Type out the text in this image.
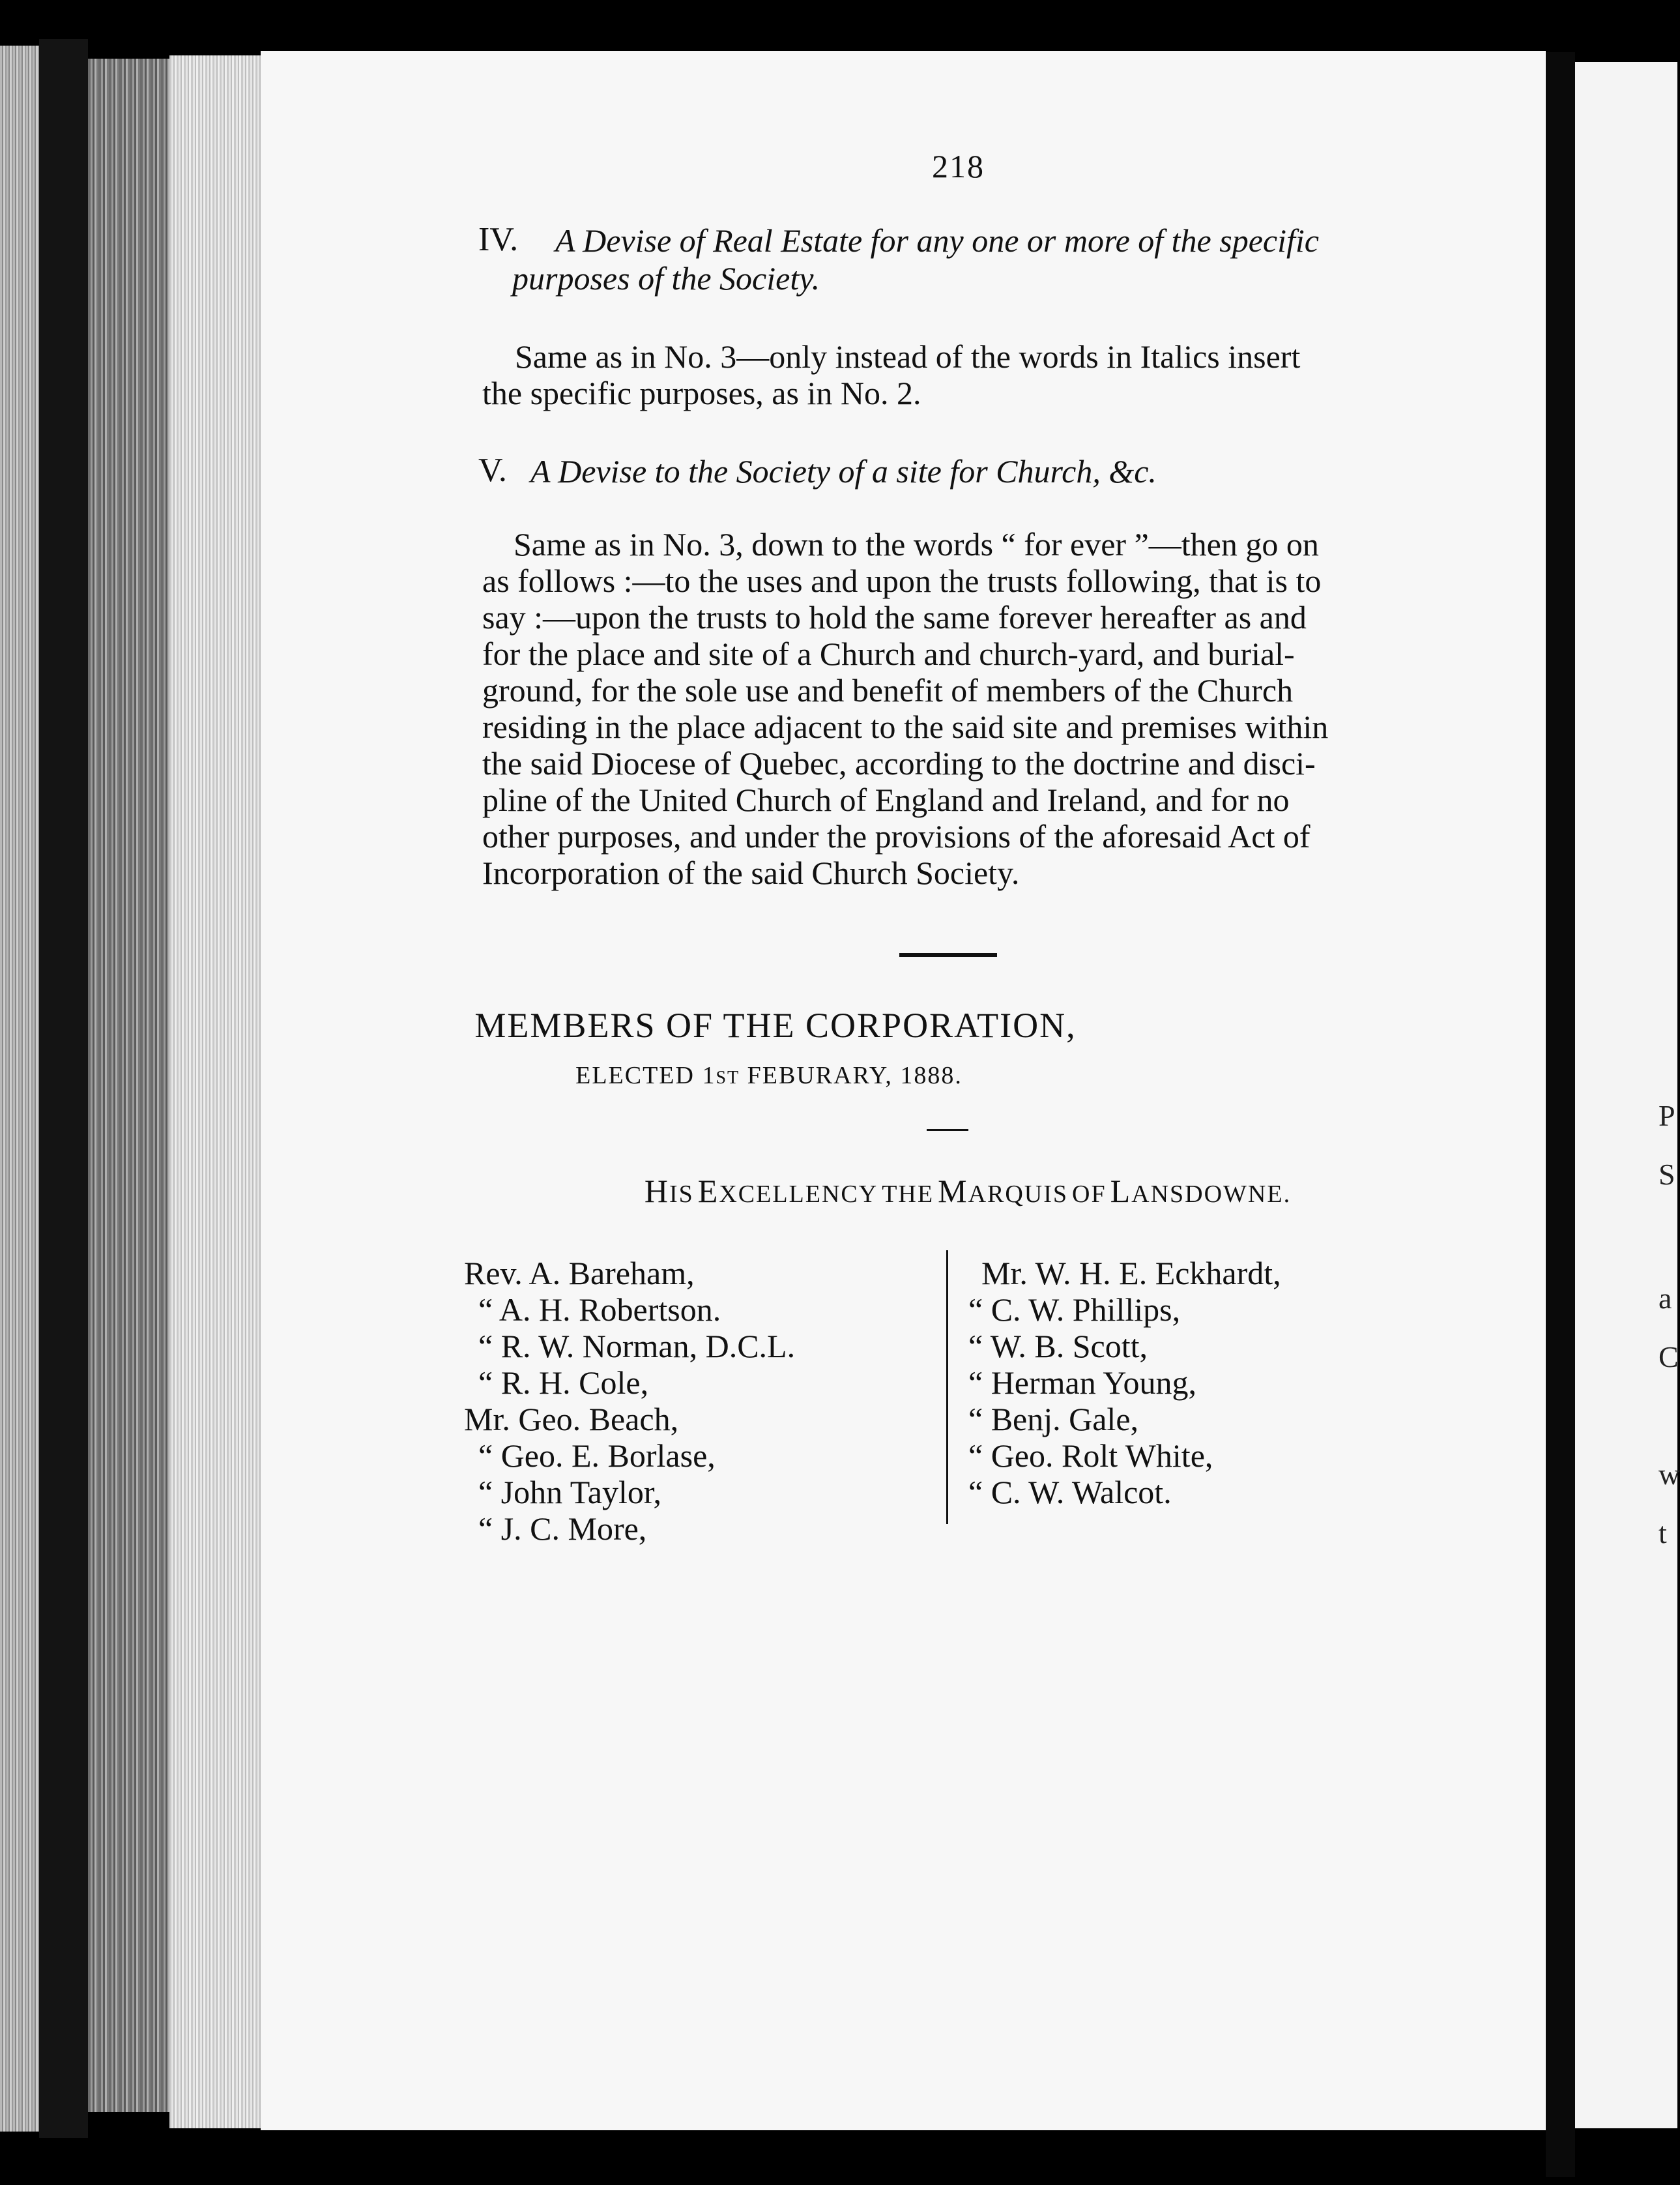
P
S
a
C
w
t
218
IV. A Devise of Real Estate for any one or more of the specific
purposes of the Society.
Same as in No. 3—only instead of the words in Italics insert
the specific purposes, as in No. 2.
V. A Devise to the Society of a site for Church, &c.
Same as in No. 3, down to the words “ for ever ”—then go on
as follows :—to the uses and upon the trusts following, that is to
say :—upon the trusts to hold the same forever hereafter as and
for the place and site of a Church and church-yard, and burial-
ground, for the sole use and benefit of members of the Church
residing in the place adjacent to the said site and premises within
the said Diocese of Quebec, according to the doctrine and disci-
pline of the United Church of England and Ireland, and for no
other purposes, and under the provisions of the aforesaid Act of
Incorporation of the said Church Society.
MEMBERS OF THE CORPORATION,
ELECTED 1ST FEBURARY, 1888.
HIS EXCELLENCY THE MARQUIS OF LANSDOWNE.
Rev. A. Bareham,
“ A. H. Robertson.
“ R. W. Norman, D.C.L.
“ R. H. Cole,
Mr. Geo. Beach,
“ Geo. E. Borlase,
“ John Taylor,
“ J. C. More,
Mr. W. H. E. Eckhardt,
“ C. W. Phillips,
“ W. B. Scott,
“ Herman Young,
“ Benj. Gale,
“ Geo. Rolt White,
“ C. W. Walcot.
